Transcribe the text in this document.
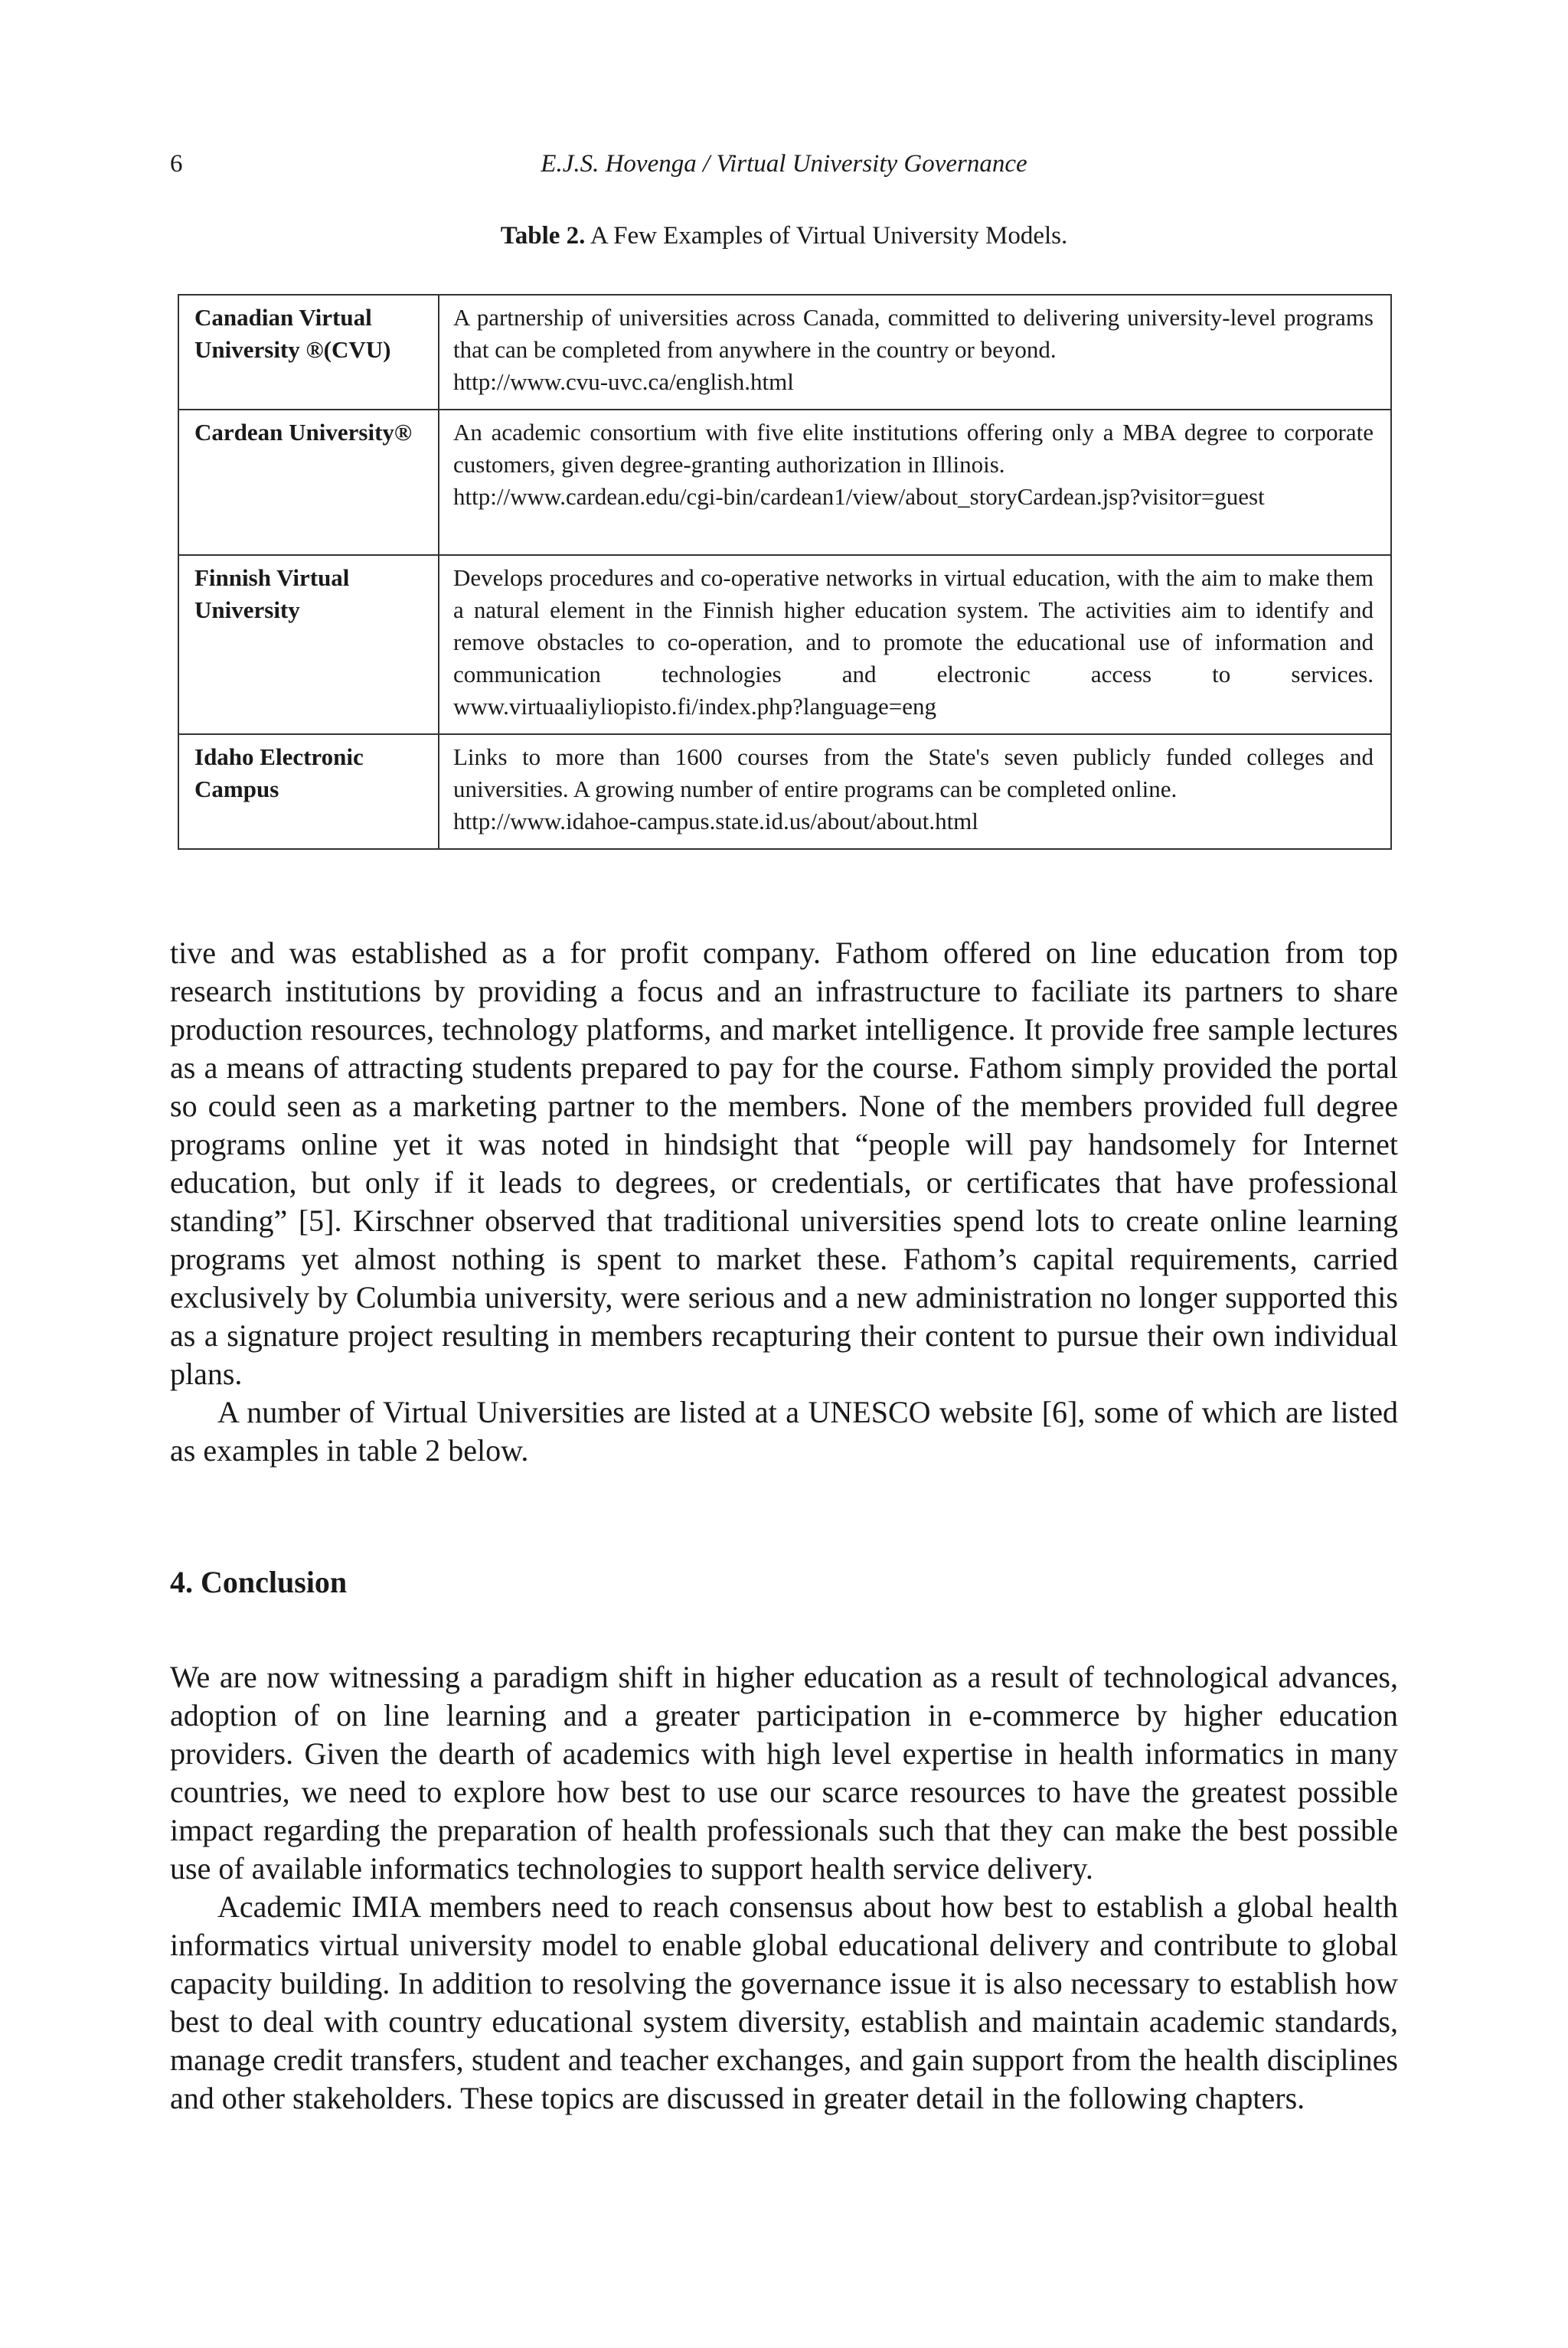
6	E.J.S. Hovenga / Virtual University Governance
Table 2. A Few Examples of Virtual University Models.
Canadian Virtual University ®(CVU)	A partnership of universities across Canada, committed to delivering university-level programs that can be completed from anywhere in the country or beyond.
http://www.cvu-uvc.ca/english.html

Cardean University®	An academic consortium with five elite institutions offering only a MBA degree to corporate customers, given degree-granting authorization in Illinois.
http://www.cardean.edu/cgi-bin/cardean1/view/about_storyCardean.jsp?visitor=guest

Finnish Virtual University	Develops procedures and co-operative networks in virtual education, with the aim to make them a natural element in the Finnish higher education system. The activities aim to identify and remove obstacles to co-operation, and to promote the educational use of information and communication technologies and electronic access to services. www.virtuaaliyliopisto.fi/index.php?language=eng

Idaho Electronic Campus	Links to more than 1600 courses from the State's seven publicly funded colleges and universities. A growing number of entire programs can be completed online.
http://www.idahoe-campus.state.id.us/about/about.html

tive and was established as a for profit company. Fathom offered on line education from top research institutions by providing a focus and an infrastructure to faciliate its partners to share production resources, technology platforms, and market intelligence. It provide free sample lectures as a means of attracting students prepared to pay for the course. Fathom simply provided the portal so could seen as a marketing partner to the members. None of the members provided full degree programs online yet it was noted in hindsight that “people will pay handsomely for Internet education, but only if it leads to degrees, or credentials, or certificates that have professional standing” [5]. Kirschner observed that traditional universities spend lots to create online learning programs yet almost nothing is spent to market these. Fathom’s capital requirements, carried exclusively by Columbia university, were serious and a new administration no longer supported this as a signature project resulting in members recapturing their content to pursue their own individual plans.

A number of Virtual Universities are listed at a UNESCO website [6], some of which are listed as examples in table 2 below.

4. Conclusion

We are now witnessing a paradigm shift in higher education as a result of technological advances, adoption of on line learning and a greater participation in e-commerce by higher education providers. Given the dearth of academics with high level expertise in health informatics in many countries, we need to explore how best to use our scarce resources to have the greatest possible impact regarding the preparation of health professionals such that they can make the best possible use of available informatics technologies to support health service delivery.

Academic IMIA members need to reach consensus about how best to establish a global health informatics virtual university model to enable global educational delivery and contribute to global capacity building. In addition to resolving the governance issue it is also necessary to establish how best to deal with country educational system diversity, establish and maintain academic standards, manage credit transfers, student and teacher exchanges, and gain support from the health disciplines and other stakeholders. These topics are discussed in greater detail in the following chapters.
